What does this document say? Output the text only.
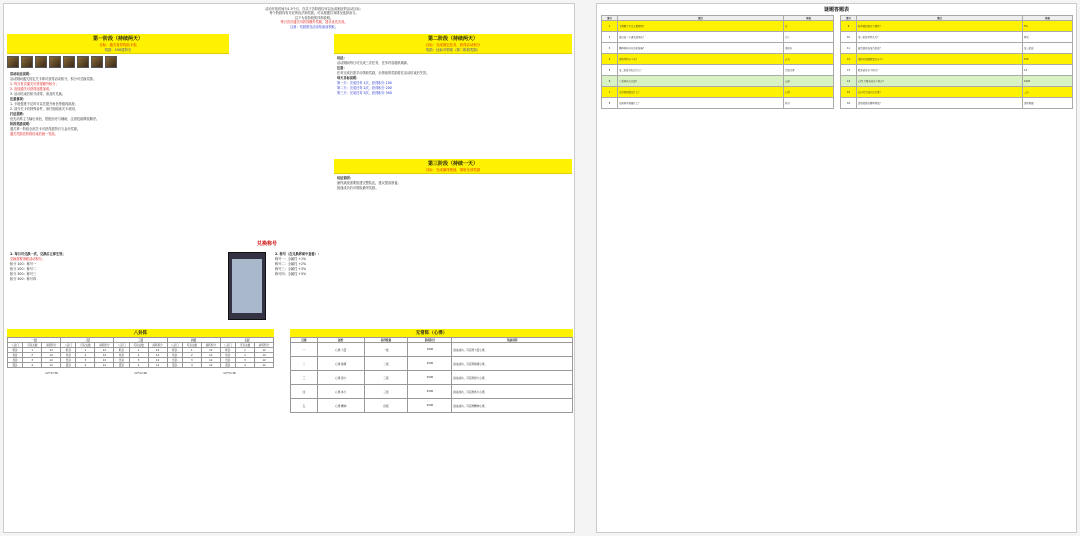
活动开放时间为1.5个月，在以下各阶段均可以达成相应的活动目标；
每个阶段均有对应的玩法和奖励，可以根据自身情况选择参与。
以下为各阶段的详细说明。
每日首次通关可获得额外奖励，建议优先完成。
注意：奖励需在活动结束前领取。
第一阶段（持续两天）
目标：通关奇异物品卡组
奖励：150进阶石

活动玩法说明：

活动期间通关指定关卡即可获得活动积分，积分可兑换奖励。

1. 每日首次通关可获得额外积分；

2. 连续通关可获得连胜加成；

3. 活动结束后积分清零，请及时兑换。

注意事项：

1. 卡组强度不足时可以先提升角色等级再挑战；

2. 部分关卡有特殊条件，请仔细阅读关卡说明。

打法思路：

优先培养主力输出角色，搭配治疗与辅助，注意技能释放顺序。

阶段奖励说明：

通关第一阶段全部关卡可获得进阶石与金币奖励。

通关奖励在阶段结束后统一发放。

第二阶段（持续两天）
目标：完成指定任务，获得活动积分
奖励：达标可领取（第二阶段奖励）

玩法：

活动期间每日可完成三次任务，任务内容随机刷新。

注意：

任务完成后需手动领取奖励，未领取的奖励将在活动结束后失效。

每天目标说明：

第一天：完成任务 1次，获得积分 100

第二天：完成任务 2次，获得积分 200

第三天：完成任务 3次，获得积分 300

第三阶段（持续一天）
目标：完成最终挑战，领取全部奖励

玩法说明：

最终挑战需要组建完整队伍，建议提前准备。

挑战成功后可领取最终奖励。

兑换称号

1. 每日可兑换一次，兑换后立即生效；

兑换需要消耗活动积分。

积分 100：称号一

积分 200：称号二

积分 300：称号三

积分 500：称号四

2. 称号（在兑换界面中查看）：

称号一：全属性 +1%

称号二：全属性 +2%

称号三：全属性 +3%

称号四：全属性 +5%

八卦阵
一层			二层			三层			四层			五层		
八卦门	可双关数	消耗积分	八卦门	可双关数	消耗积分	八卦门	可双关数	消耗积分	八卦门	可双关数	消耗积分	八卦门	可双关数	消耗积分
乾卦	1	12	乾卦	1	12	乾卦	1	12	乾卦	1	12	乾卦	1	12
坎卦	2	12	坎卦	2	12	坎卦	2	12	坎卦	2	12	坎卦	2	12
艮卦	3	12	艮卦	3	12	艮卦	3	12	艮卦	3	12	艮卦	3	12
震卦	4	12	震卦	4	12	震卦	4	12	震卦	4	12	震卦	4	12
12*3=36	12*4=48	12*3=36
无常阵（心得）
层级	属性	获得数量	消耗积分	奖励说明
一	心得·力量	一级	1000	挑战成功，可获得力量心得。
二	心得·敏捷	二级	2500	挑战成功，可获得敏捷心得。
三	心得·智力	三级	2500	挑战成功，可获得智力心得。
四	心得·体力	三级	2500	挑战成功，可获得体力心得。
五	心得·精神	四级	2500	挑战成功，可获得精神心得。
谜题答题表
题号	题目	答案
1	下列哪个不是元素属性？	光
2	谁是第一个通关的角色？	剑士
3	哪种材料可以升阶装备？	进阶石
4	活动持续多少天？	五天
5	第二阶段目标是什么？	完成任务
6	八卦阵共有几层？	五层
7	无常阵奖励是什么？	心得
8	兑换称号需要什么？	积分
题号	题目	答案
9	称号四提供多少属性？	5%
10	第一阶段持续几天？	两天
11	最终挑战在第几阶段？	第三阶段
12	进阶石奖励数量是多少？	150
13	乾卦消耗多少积分？	12
14	心得·力量消耗多少积分？	1000
15	每日可完成几次任务？	三次
16	活动奖励在哪里领取？	活动界面
